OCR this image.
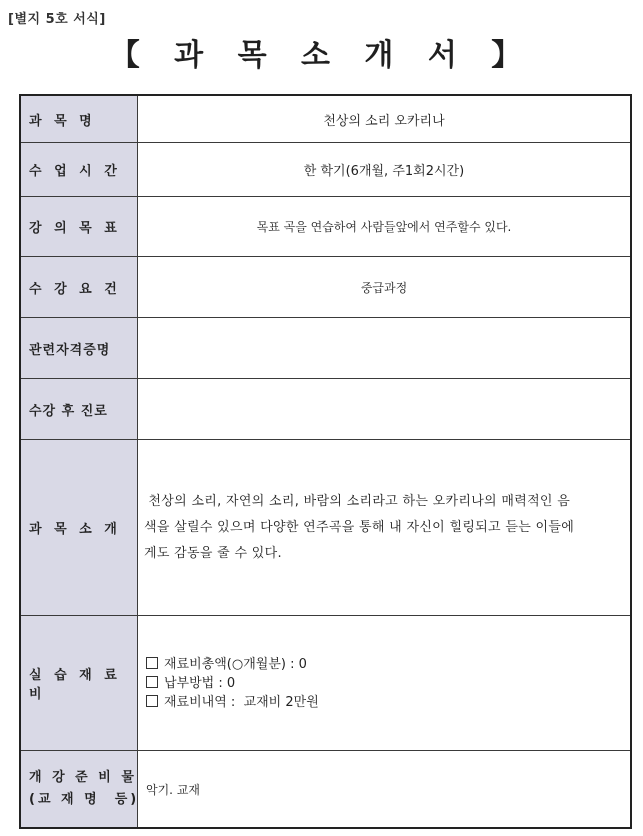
[별지 5호 서식]
【 과 목 소 개 서 】
과 목 명	천상의 소리 오카리나
수 업 시 간	한 학기(6개월, 주1회2시간)
강 의 목 표	목표 곡을 연습하여 사람들앞에서 연주할수 있다.
수 강 요 건	중급과정
관련자격증명	
수강 후 진로	
과 목 소 개	천상의 소리, 자연의 소리, 바람의 소리라고 하는 오카리나의 매력적인 음
색을 살릴수 있으며 다양한 연주곡을 통해 내 자신이 힐링되고 듣는 이들에
게도 감동을 줄 수 있다.

실 습 재 료 비	재료비총액(○개월분) : 0
납부방법 : 0
재료비내역 :  교재비 2만원

개 강 준 비 물
(교 재 명  등)	악기. 교재
